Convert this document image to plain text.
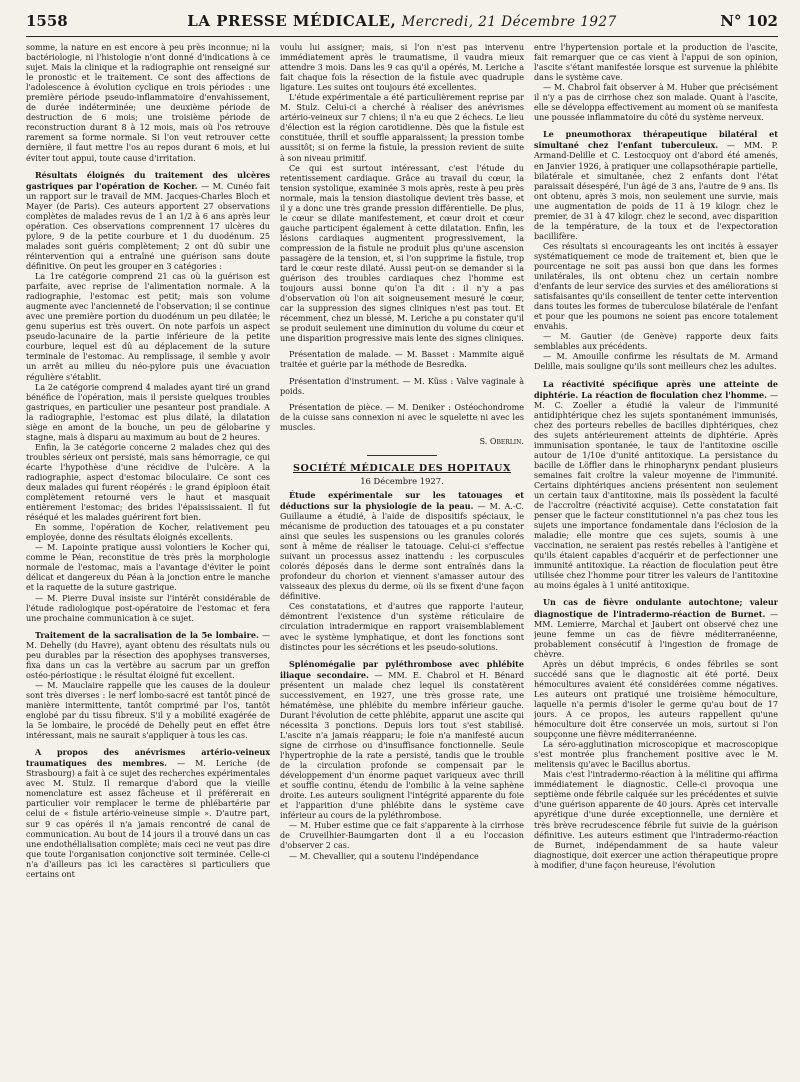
1558	LA PRESSE MÉDICALE, Mercredi, 21 Décembre 1927	N° 102

somme, la nature en est encore à peu près inconnue; ni la bactériologie, ni l'histologie n'ont donné d'indications à ce sujet. Mais la clinique et la radiographie ont renseigné sur le pronostic et le traitement. Ce sont des affections de l'adolescence à évolution cyclique en trois périodes : une première période pseudo-inflammatoire d'envahissement, de durée indéterminée; une deuxième période de destruction de 6 mois; une troisième période de reconstruction durant 8 à 12 mois, mais où l'os retrouve rarement sa forme normale. Si l'on veut retrouver cette dernière, il faut mettre l'os au repos durant 6 mois, et lui éviter tout appui, toute cause d'irritation.

Résultats éloignés du traitement des ulcères gastriques par l'opération de Kocher. — M. Cunéo fait un rapport sur le travail de MM. Jacques-Charles Bloch et Mayer (de Paris). Ces auteurs apportent 27 observations complètes de malades revus de 1 an 1/2 à 6 ans après leur opération. Ces observations comprennent 17 ulcères du pylore, 9 de la petite courbure et 1 du duodénum. 25 malades sont guéris complètement; 2 ont dû subir une réintervention qui a entraîné une guérison sans doute définitive. On peut les grouper en 3 catégories :

La 1re catégorie comprend 21 cas où la guérison est parfaite, avec reprise de l'alimentation normale. A la radiographie, l'estomac est petit; mais son volume augmente avec l'ancienneté de l'observation; il se continue avec une première portion du duodénum un peu dilatée; le genu superius est très ouvert. On note parfois un aspect pseudo-lacunaire de la partie inférieure de la petite courbure, lequel est dû au déplacement de la suture terminale de l'estomac. Au remplissage, il semble y avoir un arrêt au milieu du néo-pylore puis une évacuation régulière s'établit.

La 2e catégorie comprend 4 malades ayant tiré un grand bénéfice de l'opération, mais il persiste quelques troubles gastriques, en particulier une pesanteur post prandiale. A la radiographie, l'estomac est plus dilaté, la dilatation siège en amont de la bouche, un peu de gélobarine y stagne, mais à disparu au maximum au bout de 2 heures.

Enfin, la 3e catégorie concerne 2 malades chez qui des troubles sérieux ont persisté, mais sans hémorragie, ce qui écarte l'hypothèse d'une récidive de l'ulcère. A la radiographie, aspect d'estomac biloculaire. Ce sont ces deux malades qui furent réopérés : le grand épiploon était complètement retourné vers le haut et masquait entièrement l'estomac; des brides l'épaississaient. Il fut réséqué et les malades guérirent fort bien.

En somme, l'opération de Kocher, relativement peu employée, donne des résultats éloignés excellents.

— M. Lapointe pratique aussi volontiers le Kocher qui, comme le Péan, reconstitue de très près la morphologie normale de l'estomac, mais a l'avantage d'éviter le point délicat et dangereux du Péan à la jonction entre le manche et la raquette de la suture gastrique.

— M. Pierre Duval insiste sur l'intérêt considérable de l'étude radiologique post-opératoire de l'estomac et fera une prochaine communication à ce sujet.

Traitement de la sacralisation de la 5e lombaire. — M. Dehelly (du Havre), ayant obtenu des résultats nuls ou peu durables par la résection des apophyses transverses, fixa dans un cas la vertèbre au sacrum par un greffon ostéo-périostique : le résultat éloigné fut excellent.

— M. Mauclaire rappelle que les causes de la douleur sont très diverses : le nerf lombo-sacré est tantôt pincé de manière intermittente, tantôt comprimé par l'os, tantôt englobé par du tissu fibreux. S'il y a mobilité exagérée de la 5e lombaire, le procédé de Dehelly peut en effet être intéressant, mais ne saurait s'appliquer à tous les cas.

A propos des anévrismes artério-veineux traumatiques des membres. — M. Leriche (de Strasbourg) a fait à ce sujet des recherches expérimentales avec M. Stulz. Il remarque d'abord que la vieille nomenclature est assez fâcheuse et il préférerait en particulier voir remplacer le terme de phlébartérie par celui de « fistule artério-veineuse simple ». D'autre part, sur 9 cas opérés il n'a jamais rencontré de canal de communication. Au bout de 14 jours il a trouvé dans un cas une endothélialisation complète; mais ceci ne veut pas dire que toute l'organisation conjonctive soit terminée. Celle-ci n'a d'ailleurs pas ici les caractères si particuliers que certains ont

voulu lui assigner; mais, si l'on n'est pas intervenu immédiatement après le traumatisme, il vaudra mieux attendre 3 mois. Dans les 9 cas qu'il a opérés, M. Leriche a fait chaque fois la résection de la fistule avec quadruple ligature. Les suites ont toujours été excellentes.

L'étude expérimentale a été particulièrement reprise par M. Stulz. Celui-ci a cherché à réaliser des anévrismes artério-veineux sur 7 chiens; il n'a eu que 2 échecs. Le lieu d'élection est la région carotidienne. Dès que la fistule est constituée, thrill et souffle apparaissent; la pression tombe aussitôt; si on ferme la fistule, la pression revient de suite à son niveau primitif.

Ce qui est surtout intéressant, c'est l'étude du retentissement cardiaque. Grâce au travail du cœur, la tension systolique, examinée 3 mois après, reste à peu près normale, mais la tension diastolique devient très basse, et il y a donc une très grande pression différentielle. De plus, le cœur se dilate manifestement, et cœur droit et cœur gauche participent également à cette dilatation. Enfin, les lésions cardiaques augmentent progressivement, la compression de la fistule ne produit plus qu'une ascension passagère de la tension, et, si l'on supprime la fistule, trop tard le cœur reste dilaté. Aussi peut-on se demander si la guérison des troubles cardiaques chez l'homme est toujours aussi bonne qu'on l'a dit : il n'y a pas d'observation où l'on ait soigneusement mesuré le cœur, car la suppression des signes cliniques n'est pas tout. Et récemment, chez un blessé, M. Leriche a pu constater qu'il se produit seulement une diminution du volume du cœur et une disparition progressive mais lente des signes cliniques.

Présentation de malade. — M. Basset : Mammite aiguë traitée et guérie par la méthode de Besredka.

Présentation d'instrument. — M. Küss : Valve vaginale à poids.

Présentation de pièce. — M. Deniker : Ostéochondrome de la cuisse sans connexion ni avec le squelette ni avec les muscles.

S. Oberlin.
SOCIÉTÉ MÉDICALE DES HOPITAUX
16 Décembre 1927.

Étude expérimentale sur les tatouages et déductions sur la physiologie de la peau. — M. A.-C. Guillaume a étudié, à l'aide de dispositifs spéciaux, le mécanisme de production des tatouages et a pu constater ainsi que seules les suspensions ou les granules colorés sont à même de réaliser le tatouage. Celui-ci s'effectue suivant un processus assez inattendu : les corpuscules colorés déposés dans le derme sont entraînés dans la profondeur du chorion et viennent s'amasser autour des vaisseaux des plexus du derme, où ils se fixent d'une façon définitive.

Ces constatations, et d'autres que rapporte l'auteur, démontrent l'existence d'un système réticulaire de circulation intradermique en rapport vraisemblablement avec le système lymphatique, et dont les fonctions sont distinctes pour les sécrétions et les pseudo-solutions.

Splénomégalie par pyléthrombose avec phlébite iliaque secondaire. — MM. E. Chabrol et H. Bénard présentent un malade chez lequel ils constatèrent successivement, en 1927, une très grosse rate, une hématémèse, une phlébite du membre inférieur gauche. Durant l'évolution de cette phlébite, apparut une ascite qui nécessita 3 ponctions. Depuis lors tout s'est stabilisé. L'ascite n'a jamais réapparu; le foie n'a manifesté aucun signe de cirrhose ou d'insuffisance fonctionnelle. Seule l'hypertrophie de la rate a persisté, tandis que le trouble de la circulation profonde se compensait par le développement d'un énorme paquet variqueux avec thrill et souffle continu, étendu de l'ombilic à la veine saphène droite. Les auteurs soulignent l'intégrité apparente du foie et l'apparition d'une phlébite dans le système cave inférieur au cours de la pyléthrombose.

— M. Huber estime que ce fait s'apparente à la cirrhose de Cruveilhier-Baumgarten dont il a eu l'occasion d'observer 2 cas.

— M. Chevallier, qui a soutenu l'indépendance

entre l'hypertension portale et la production de l'ascite, fait remarquer que ce cas vient à l'appui de son opinion, l'ascite s'étant manifestée lorsque est survenue la phlébite dans le système cave.

— M. Chabrol fait observer à M. Huber que précisément il n'y a pas de cirrhose chez son malade. Quant à l'ascite, elle se développa effectivement au moment où se manifesta une poussée inflammatoire du côté du système nerveux.

Le pneumothorax thérapeutique bilatéral et simultané chez l'enfant tuberculeux. — MM. P. Armand-Delille et C. Lestocquoy ont d'abord été amenés, en Janvier 1926, à pratiquer une collapsothérapie partielle, bilatérale et simultanée, chez 2 enfants dont l'état paraissait désespéré, l'un âgé de 3 ans, l'autre de 9 ans. Ils ont obtenu, après 3 mois, non seulement une survie, mais une augmentation de poids de 11 à 19 kilogr. chez le premier, de 31 à 47 kilogr. chez le second, avec disparition de la température, de la toux et de l'expectoration bacillifère.

Ces résultats si encourageants les ont incités à essayer systématiquement ce mode de traitement et, bien que le pourcentage ne soit pas aussi bon que dans les formes unilatérales, ils ont obtenu chez un certain nombre d'enfants de leur service des survies et des améliorations si satisfaisantes qu'ils conseillent de tenter cette intervention dans toutes les formes de tuberculose bilatérale de l'enfant et pour que les poumons ne soient pas encore totalement envahis.

— M. Gautier (de Genève) rapporte deux faits semblables aux précédents.

— M. Amouille confirme les résultats de M. Armand Delille, mais souligne qu'ils sont meilleurs chez les adultes.

La réactivité spécifique après une atteinte de diphtérie. La réaction de floculation chez l'homme. — M. C. Zoeller a étudié la valeur de l'immunité antidiphtérique chez les sujets spontanément immunisés, chez des porteurs rebelles de bacilles diphtériques, chez des sujets antérieurement atteints de diphtérie. Après immunisation spontanée, le taux de l'antitoxine oscille autour de 1/10e d'unité antitoxique. La persistance du bacille de Löffler dans le rhinopharynx pendant plusieurs semaines fait croître la valeur moyenne de l'immunité. Certains diphtériques anciens présentent non seulement un certain taux d'antitoxine, mais ils possèdent la faculté de l'accroître (réactivité acquise). Cette constatation fait penser que le facteur constitutionnel n'a pas chez tous les sujets une importance fondamentale dans l'éclosion de la maladie; elle montre que ces sujets, soumis à une vaccination, ne seraient pas restés rebelles à l'antigène et qu'ils étaient capables d'acquérir et de perfectionner une immunité antitoxique. La réaction de floculation peut être utilisée chez l'homme pour titrer les valeurs de l'antitoxine au moins égales à 1 unité antitoxique.

Un cas de fièvre ondulante autochtone; valeur diagnostique de l'intradermo-réaction de Burnet. — MM. Lemierre, Marchal et Jaubert ont observé chez une jeune femme un cas de fièvre méditerranéenne, probablement consécutif à l'ingestion de fromage de chèvre.

Après un début imprécis, 6 ondes fébriles se sont succédé sans que le diagnostic ait été porté. Deux hémocultures avaient été considérées comme négatives. Les auteurs ont pratiqué une troisième hémoculture, laquelle n'a permis d'isoler le germe qu'au bout de 17 jours. A ce propos, les auteurs rappellent qu'une hémoculture doit être conservée un mois, surtout si l'on soupçonne une fièvre méditerranéenne.

La séro-agglutination microscopique et macroscopique s'est montrée plus franchement positive avec le M. melitensis qu'avec le Bacillus abortus.

Mais c'est l'intradermo-réaction à la mélitine qui affirma immédiatement le diagnostic. Celle-ci provoqua une septième onde fébrile calquée sur les précédentes et suivie d'une guérison apparente de 40 jours. Après cet intervalle apyrétique d'une durée exceptionnelle, une dernière et très brève recrudescence fébrile fut suivie de la guérison définitive. Les auteurs estiment que l'intradermo-réaction de Burnet, indépendamment de sa haute valeur diagnostique, doit exercer une action thérapeutique propre à modifier, d'une façon heureuse, l'évolution
